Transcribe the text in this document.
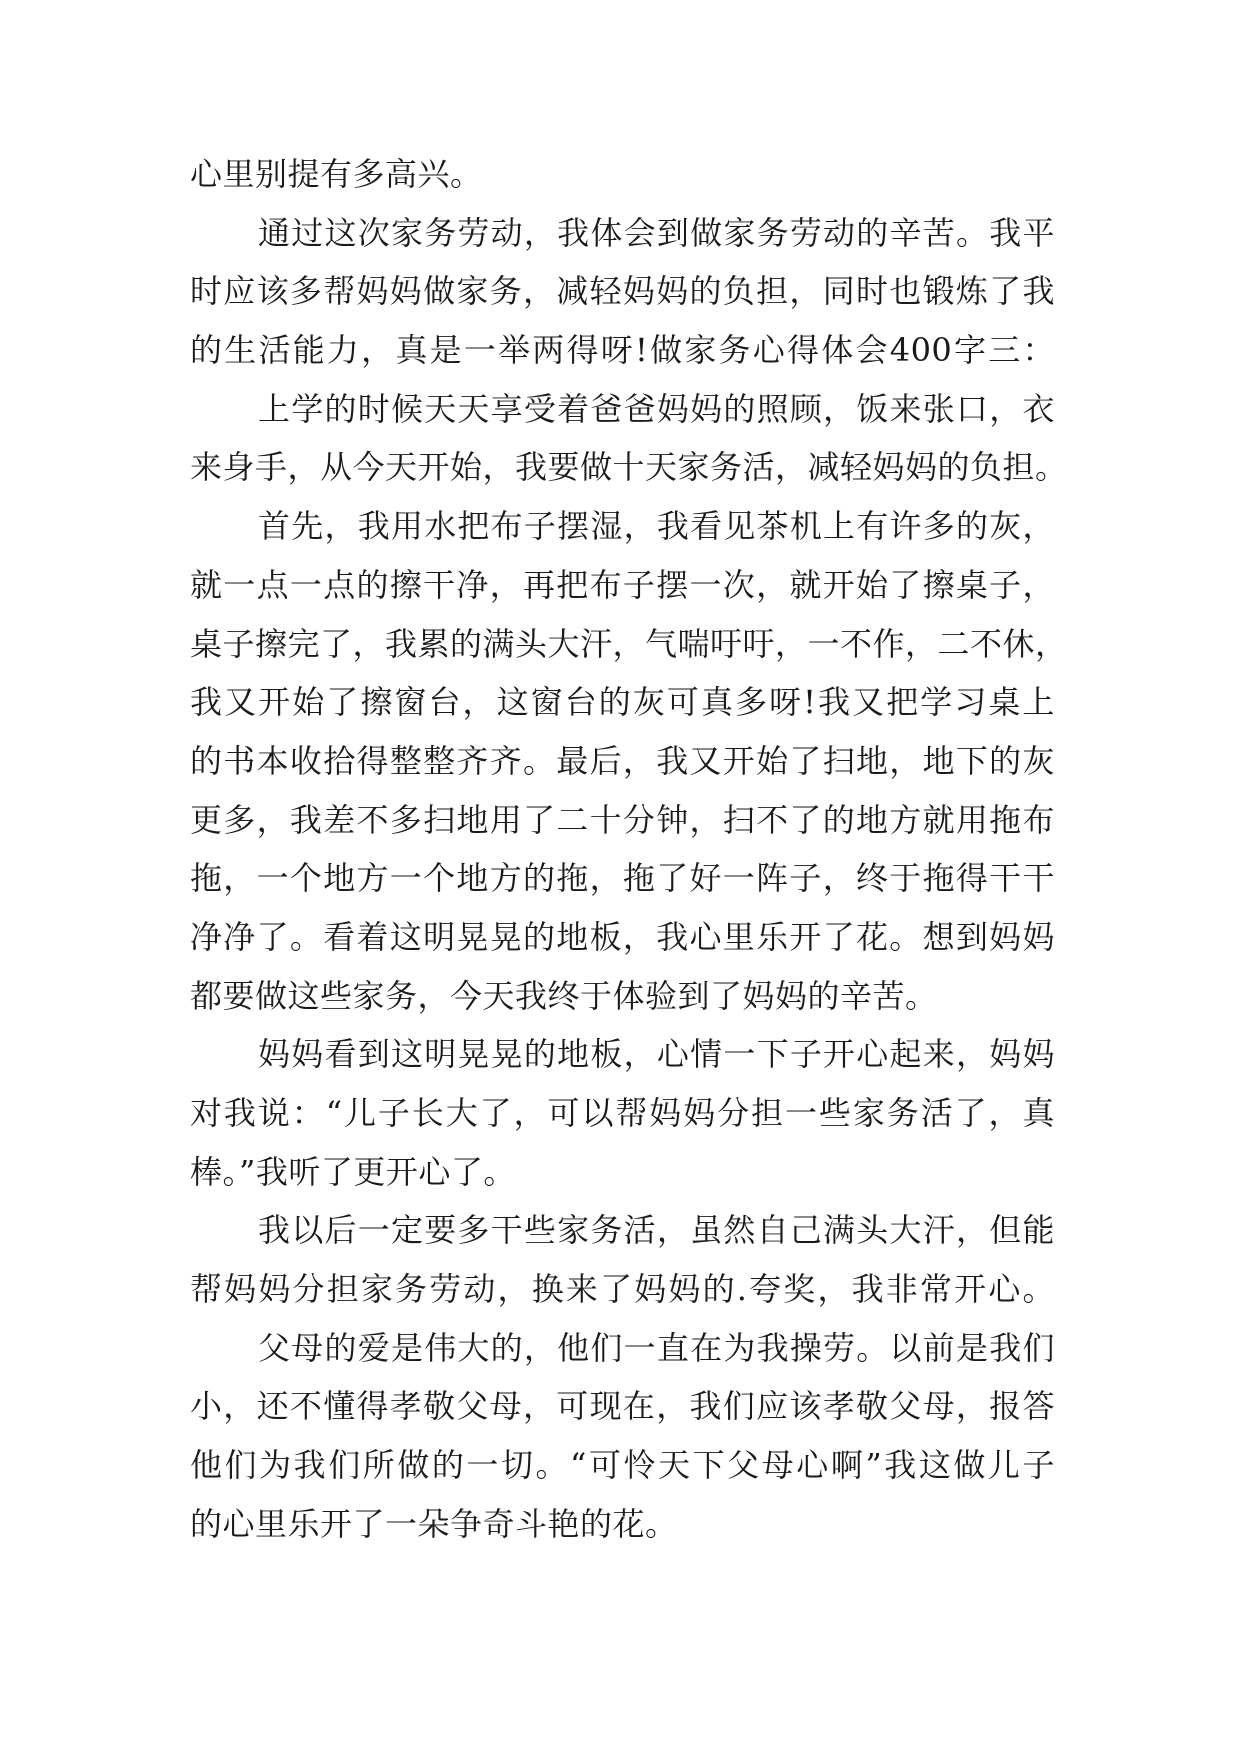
心里别提有多高兴。
通过这次家务劳动，我体会到做家务劳动的辛苦。我平
时应该多帮妈妈做家务，减轻妈妈的负担，同时也锻炼了我
的生活能力，真是一举两得呀!做家务心得体会400字三：
上学的时候天天享受着爸爸妈妈的照顾，饭来张口，衣
来身手，从今天开始，我要做十天家务活，减轻妈妈的负担。
首先，我用水把布子摆湿，我看见茶机上有许多的灰，
就一点一点的擦干净，再把布子摆一次，就开始了擦桌子，
桌子擦完了，我累的满头大汗，气喘吁吁，一不作，二不休，
我又开始了擦窗台，这窗台的灰可真多呀!我又把学习桌上
的书本收拾得整整齐齐。最后，我又开始了扫地，地下的灰
更多，我差不多扫地用了二十分钟，扫不了的地方就用拖布
拖，一个地方一个地方的拖，拖了好一阵子，终于拖得干干
净净了。看着这明晃晃的地板，我心里乐开了花。想到妈妈
都要做这些家务，今天我终于体验到了妈妈的辛苦。
妈妈看到这明晃晃的地板，心情一下子开心起来，妈妈
对我说：“儿子长大了，可以帮妈妈分担一些家务活了，真
棒。”我听了更开心了。
我以后一定要多干些家务活，虽然自己满头大汗，但能
帮妈妈分担家务劳动，换来了妈妈的.夸奖，我非常开心。
父母的爱是伟大的，他们一直在为我操劳。以前是我们
小，还不懂得孝敬父母，可现在，我们应该孝敬父母，报答
他们为我们所做的一切。“可怜天下父母心啊”我这做儿子
的心里乐开了一朵争奇斗艳的花。
